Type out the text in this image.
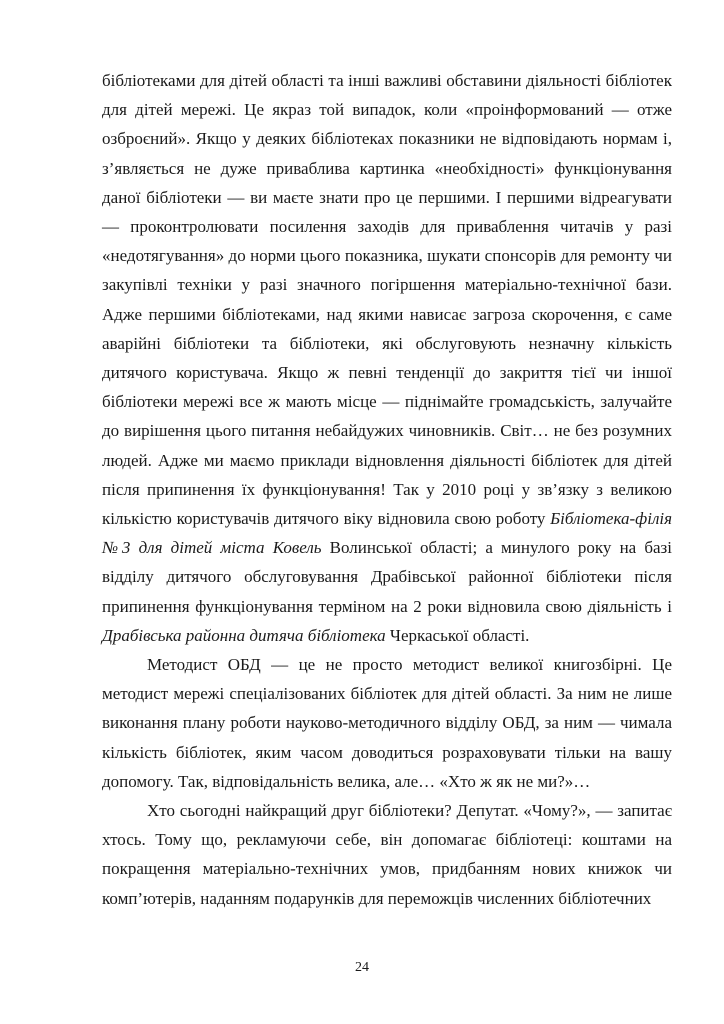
бібліотеками для дітей області та інші важливі обставини діяльності бібліотек для дітей мережі. Це якраз той випадок, коли «проінформований — отже озброєний». Якщо у деяких бібліотеках показники не відповідають нормам і, з’являється не дуже приваблива картинка «необхідності» функціонування даної бібліотеки — ви маєте знати про це першими. І першими відреагувати — проконтролювати посилення заходів для приваблення читачів у разі «недотягування» до норми цього показника, шукати спонсорів для ремонту чи закупівлі техніки у разі значного погіршення матеріально-технічної бази. Адже першими бібліотеками, над якими нависає загроза скорочення, є саме аварійні бібліотеки та бібліотеки, які обслуговують незначну кількість дитячого користувача. Якщо ж певні тенденції до закриття тієї чи іншої бібліотеки мережі все ж мають місце — піднімайте громадськість, залучайте до вирішення цього питання небайдужих чиновників. Світ… не без розумних людей. Адже ми маємо приклади відновлення діяльності бібліотек для дітей після припинення їх функціонування! Так у 2010 році у зв’язку з великою кількістю користувачів дитячого віку відновила свою роботу Бібліотека-філія №3 для дітей міста Ковель Волинської області; а минулого року на базі відділу дитячого обслуговування Драбівської районної бібліотеки після припинення функціонування терміном на 2 роки відновила свою діяльність і Драбівська районна дитяча бібліотека Черкаської області.

Методист ОБД — це не просто методист великої книгозбірні. Це методист мережі спеціалізованих бібліотек для дітей області. За ним не лише виконання плану роботи науково-методичного відділу ОБД, за ним — чимала кількість бібліотек, яким часом доводиться розраховувати тільки на вашу допомогу. Так, відповідальність велика, але… «Хто ж як не ми?»…

Хто сьогодні найкращий друг бібліотеки? Депутат. «Чому?», — запитає хтось. Тому що, рекламуючи себе, він допомагає бібліотеці: коштами на покращення матеріально-технічних умов, придбанням нових книжок чи комп’ютерів, наданням подарунків для переможців численних бібліотечних

24
